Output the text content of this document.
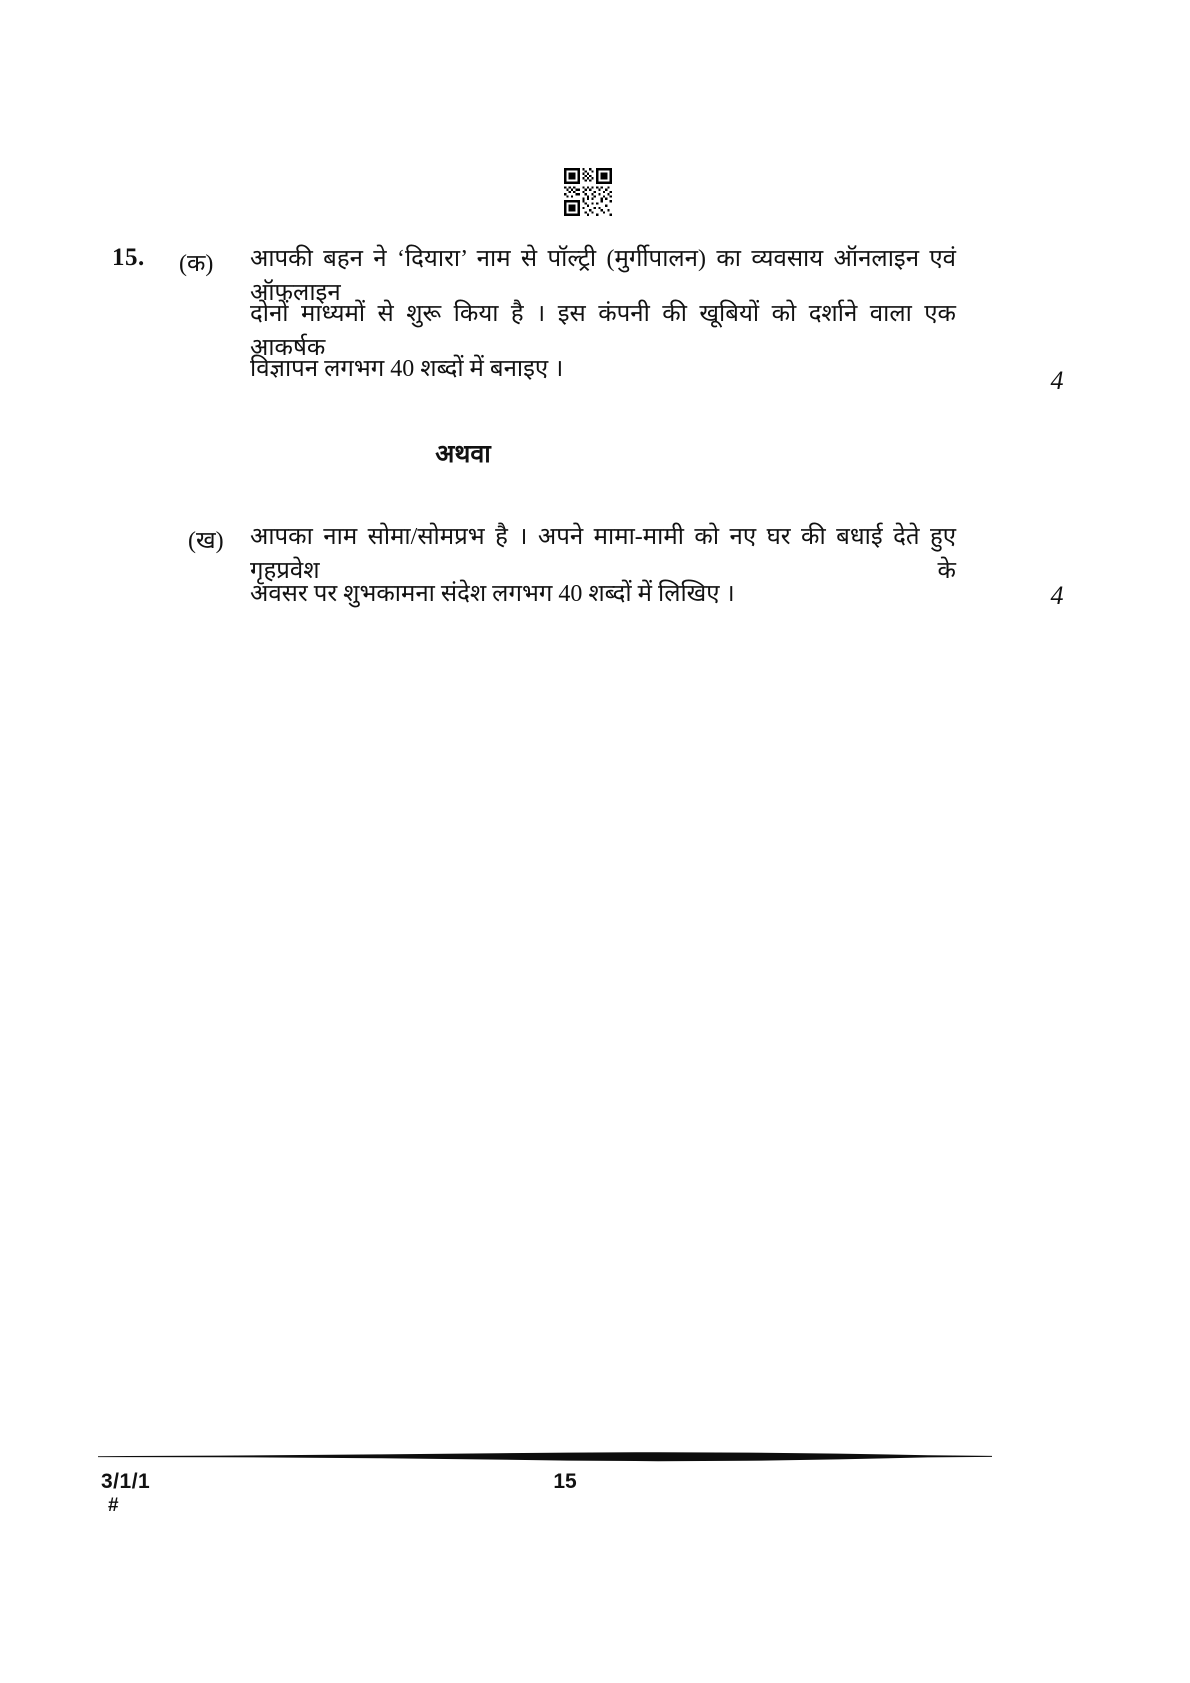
15. (क) आपकी बहन ने ‘दियारा’ नाम से पॉल्ट्री (मुर्गीपालन) का व्यवसाय ऑनलाइन एवं ऑफलाइन
दोनों माध्यमों से शुरू किया है । इस कंपनी की खूबियों को दर्शाने वाला एक आकर्षक
विज्ञापन लगभग 40 शब्दों में बनाइए ।	4
अथवा
(ख) आपका नाम सोमा/सोमप्रभ है । अपने मामा-मामी को नए घर की बधाई देते हुए गृहप्रवेश के
अवसर पर शुभकामना संदेश लगभग 40 शब्दों में लिखिए ।	4
3/1/1
#
15
